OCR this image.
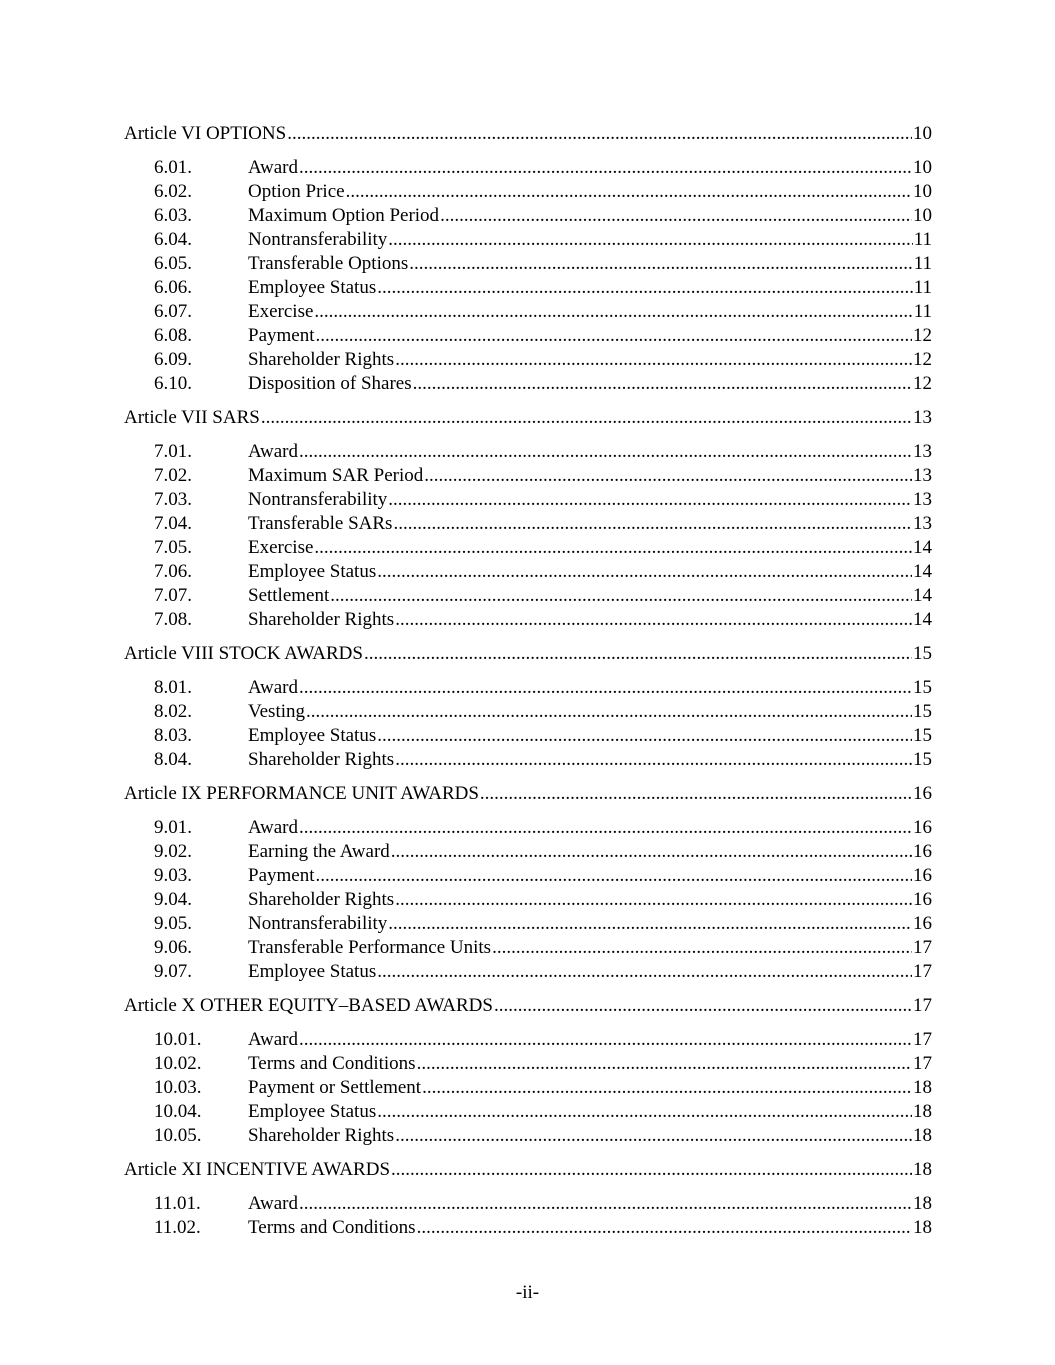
Article VI OPTIONS .....	10
6.01.	Award .....	10
6.02.	Option Price .....	10
6.03.	Maximum Option Period .....	10
6.04.	Nontransferability .....	11
6.05.	Transferable Options .....	11
6.06.	Employee Status .....	11
6.07.	Exercise .....	11
6.08.	Payment .....	12
6.09.	Shareholder Rights .....	12
6.10.	Disposition of Shares .....	12
Article VII SARS .....	13
7.01.	Award .....	13
7.02.	Maximum SAR Period .....	13
7.03.	Nontransferability .....	13
7.04.	Transferable SARs .....	13
7.05.	Exercise .....	14
7.06.	Employee Status .....	14
7.07.	Settlement .....	14
7.08.	Shareholder Rights .....	14
Article VIII STOCK AWARDS .....	15
8.01.	Award .....	15
8.02.	Vesting .....	15
8.03.	Employee Status .....	15
8.04.	Shareholder Rights .....	15
Article IX PERFORMANCE UNIT AWARDS .....	16
9.01.	Award .....	16
9.02.	Earning the Award .....	16
9.03.	Payment .....	16
9.04.	Shareholder Rights .....	16
9.05.	Nontransferability .....	16
9.06.	Transferable Performance Units .....	17
9.07.	Employee Status .....	17
Article X OTHER EQUITY–BASED AWARDS .....	17
10.01.	Award .....	17
10.02.	Terms and Conditions .....	17
10.03.	Payment or Settlement .....	18
10.04.	Employee Status .....	18
10.05.	Shareholder Rights .....	18
Article XI INCENTIVE AWARDS .....	18
11.01.	Award .....	18
11.02.	Terms and Conditions .....	18
-ii-
